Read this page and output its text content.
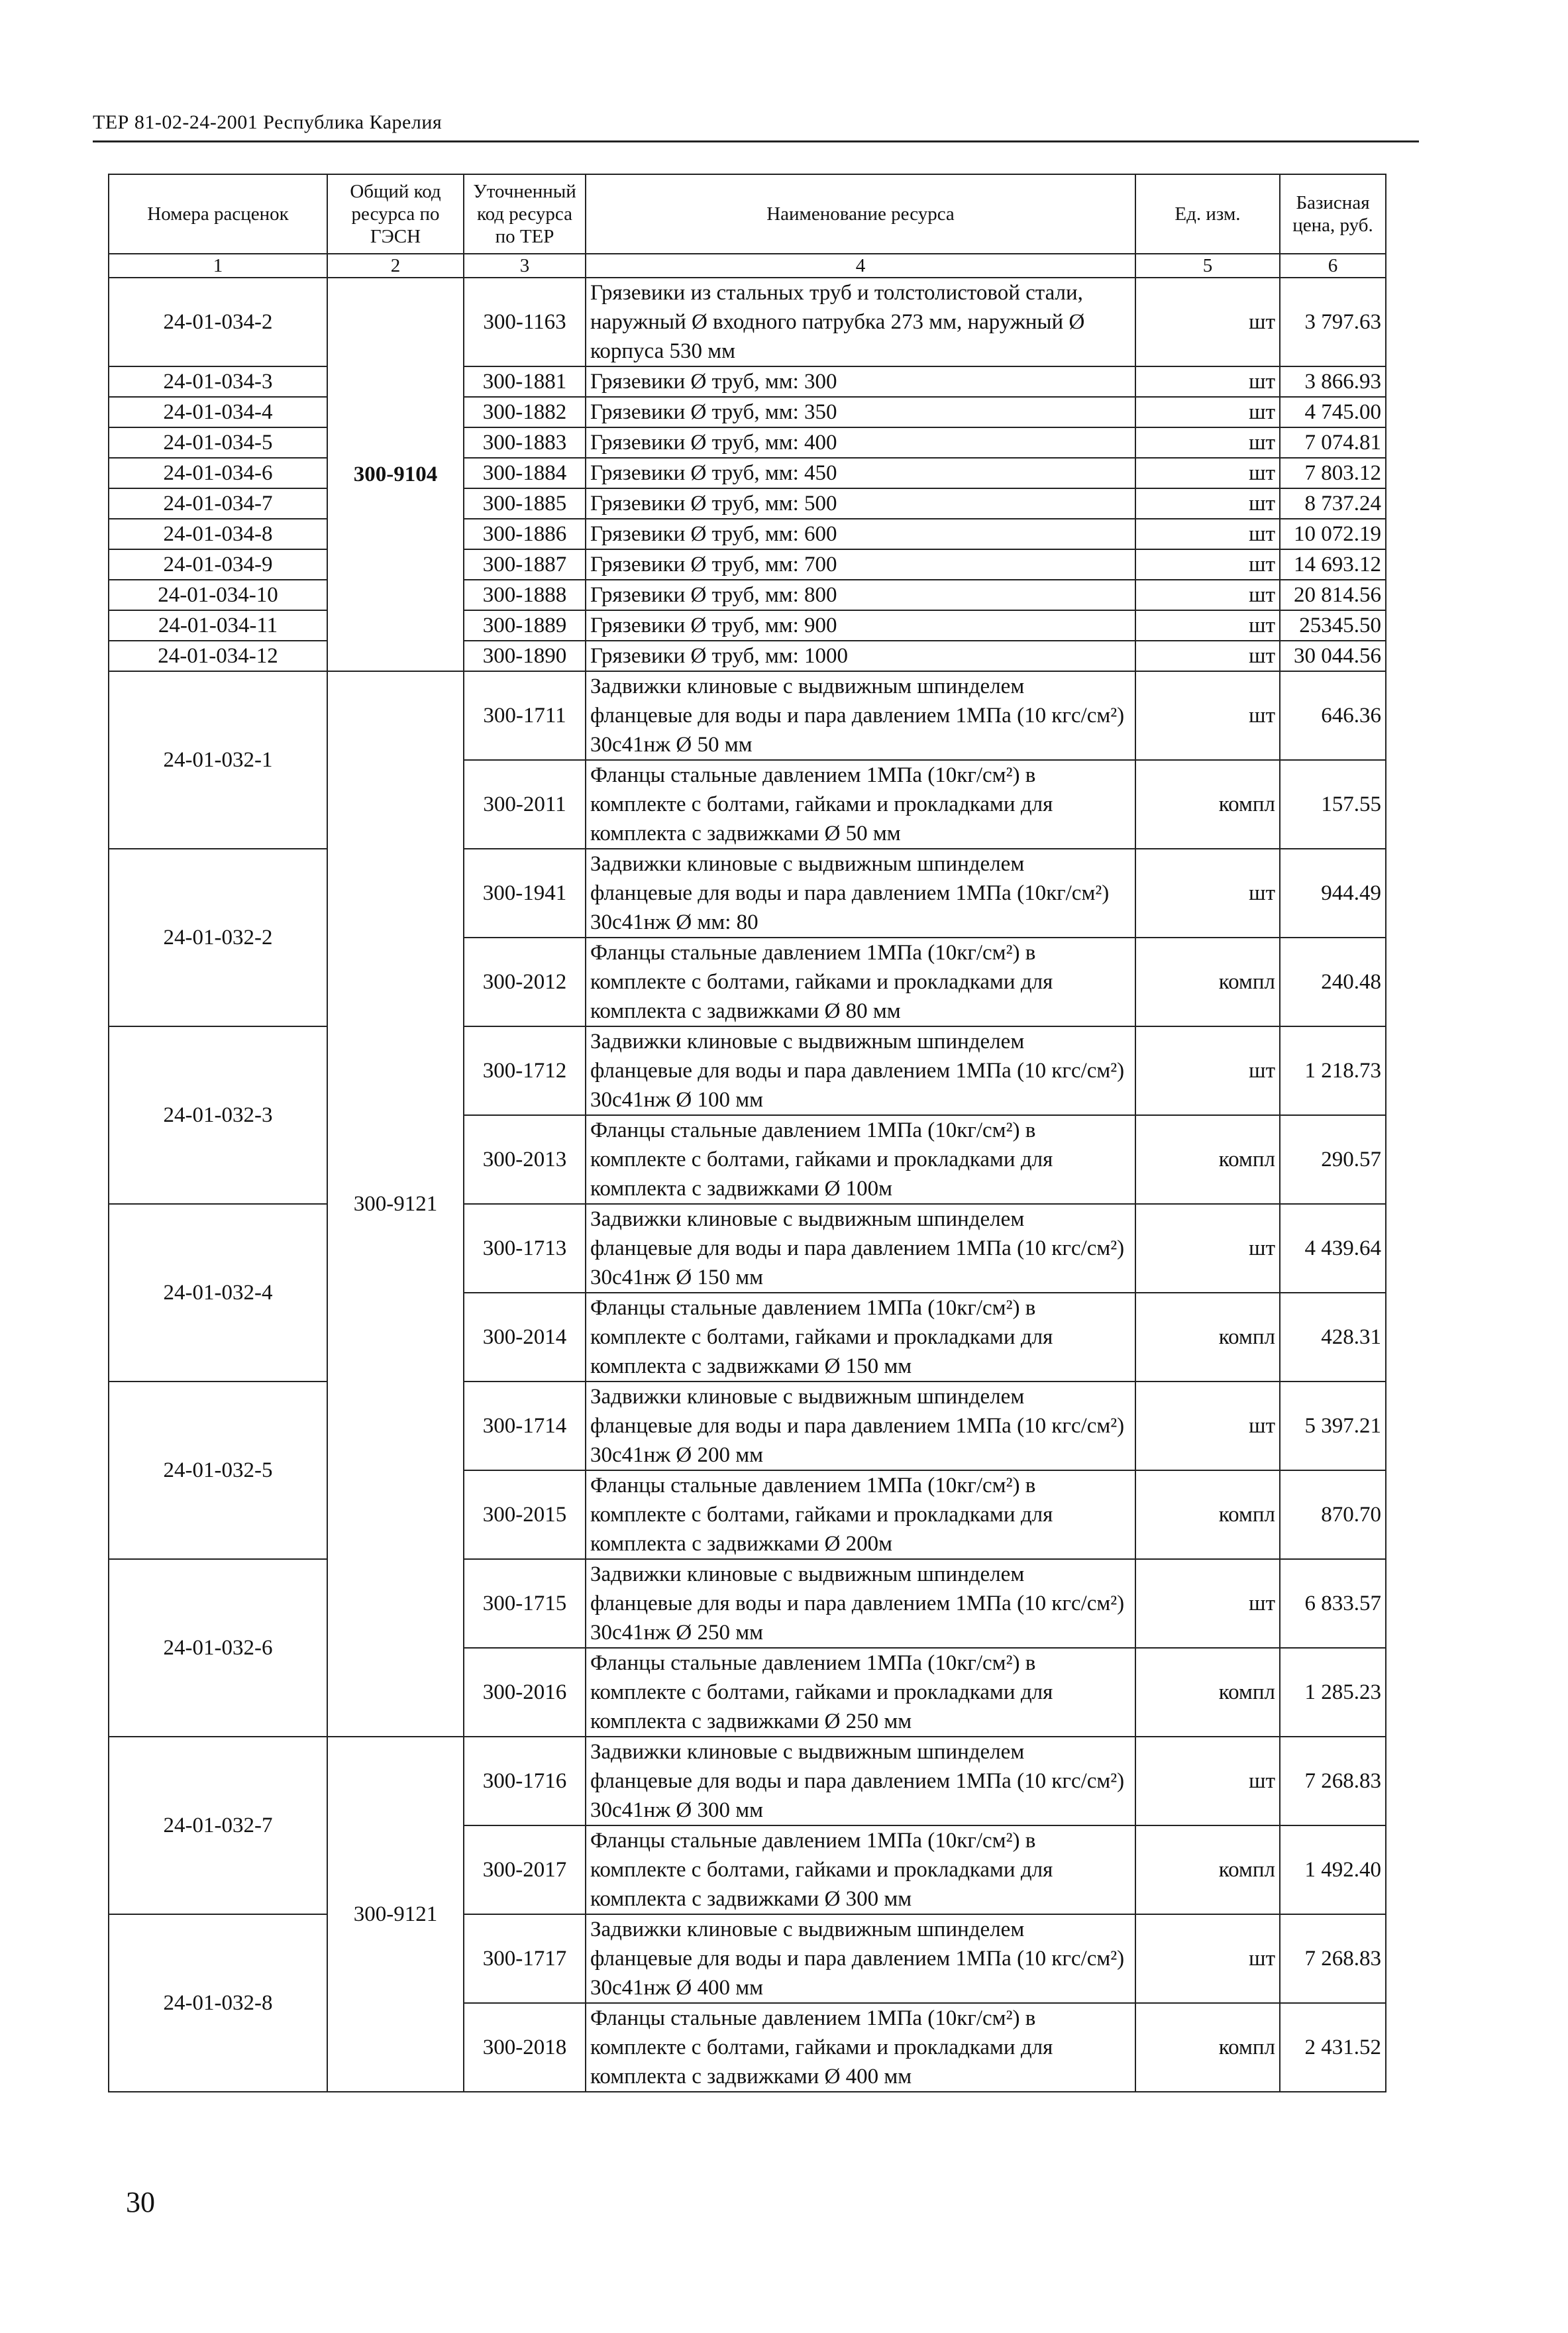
ТЕР 81-02-24-2001 Республика Карелия
Номера расценок	Общий код ресурса по ГЭСН	Уточненный код ресурса по ТЕР	Наименование ресурса	Ед. изм.	Базисная цена, руб.
1	2	3	4	5	6
24-01-034-2	300-9104	300-1163	Грязевики из стальных труб и толстолистовой стали, наружный Ø входного патрубка 273 мм, наружный Ø корпуса 530 мм	шт	3 797.63
24-01-034-3		300-1881	Грязевики Ø труб, мм: 300	шт	3 866.93
24-01-034-4		300-1882	Грязевики Ø труб, мм: 350	шт	4 745.00
24-01-034-5		300-1883	Грязевики Ø труб, мм: 400	шт	7 074.81
24-01-034-6		300-1884	Грязевики Ø труб, мм: 450	шт	7 803.12
24-01-034-7		300-1885	Грязевики Ø труб, мм: 500	шт	8 737.24
24-01-034-8		300-1886	Грязевики Ø труб, мм: 600	шт	10 072.19
24-01-034-9		300-1887	Грязевики Ø труб, мм: 700	шт	14 693.12
24-01-034-10		300-1888	Грязевики Ø труб, мм: 800	шт	20 814.56
24-01-034-11		300-1889	Грязевики Ø труб, мм: 900	шт	25345.50
24-01-034-12		300-1890	Грязевики Ø труб, мм: 1000	шт	30 044.56
24-01-032-1	300-9121	300-1711	Задвижки клиновые с выдвижным шпинделем фланцевые для воды и пара давлением 1МПа (10 кгс/см²) 30с41нж Ø 50 мм	шт	646.36
		300-2011	Фланцы стальные давлением 1МПа (10кг/см²) в комплекте с болтами, гайками и прокладками для комплекта с задвижками Ø 50 мм	компл	157.55
24-01-032-2		300-1941	Задвижки клиновые с выдвижным шпинделем фланцевые для воды и пара давлением 1МПа (10кг/см²) 30с41нж Ø мм: 80	шт	944.49
		300-2012	Фланцы стальные давлением 1МПа (10кг/см²) в комплекте с болтами, гайками и прокладками для комплекта с задвижками Ø 80 мм	компл	240.48
24-01-032-3		300-1712	Задвижки клиновые с выдвижным шпинделем фланцевые для воды и пара давлением 1МПа (10 кгс/см²) 30с41нж Ø 100 мм	шт	1 218.73
		300-2013	Фланцы стальные давлением 1МПа (10кг/см²) в комплекте с болтами, гайками и прокладками для комплекта с задвижками Ø 100м	компл	290.57
24-01-032-4		300-1713	Задвижки клиновые с выдвижным шпинделем фланцевые для воды и пара давлением 1МПа (10 кгс/см²) 30с41нж Ø 150 мм	шт	4 439.64
		300-2014	Фланцы стальные давлением 1МПа (10кг/см²) в комплекте с болтами, гайками и прокладками для комплекта с задвижками Ø 150 мм	компл	428.31
24-01-032-5		300-1714	Задвижки клиновые с выдвижным шпинделем фланцевые для воды и пара давлением 1МПа (10 кгс/см²) 30с41нж Ø 200 мм	шт	5 397.21
		300-2015	Фланцы стальные давлением 1МПа (10кг/см²) в комплекте с болтами, гайками и прокладками для комплекта с задвижками Ø 200м	компл	870.70
24-01-032-6		300-1715	Задвижки клиновые с выдвижным шпинделем фланцевые для воды и пара давлением 1МПа (10 кгс/см²) 30с41нж Ø 250 мм	шт	6 833.57
		300-2016	Фланцы стальные давлением 1МПа (10кг/см²) в комплекте с болтами, гайками и прокладками для комплекта с задвижками Ø 250 мм	компл	1 285.23
24-01-032-7	300-9121	300-1716	Задвижки клиновые с выдвижным шпинделем фланцевые для воды и пара давлением 1МПа (10 кгс/см²) 30с41нж Ø 300 мм	шт	7 268.83
		300-2017	Фланцы стальные давлением 1МПа (10кг/см²) в комплекте с болтами, гайками и прокладками для комплекта с задвижками Ø 300 мм	компл	1 492.40
24-01-032-8		300-1717	Задвижки клиновые с выдвижным шпинделем фланцевые для воды и пара давлением 1МПа (10 кгс/см²) 30с41нж Ø 400 мм	шт	7 268.83
		300-2018	Фланцы стальные давлением 1МПа (10кг/см²) в комплекте с болтами, гайками и прокладками для комплекта с задвижками Ø 400 мм	компл	2 431.52
30
